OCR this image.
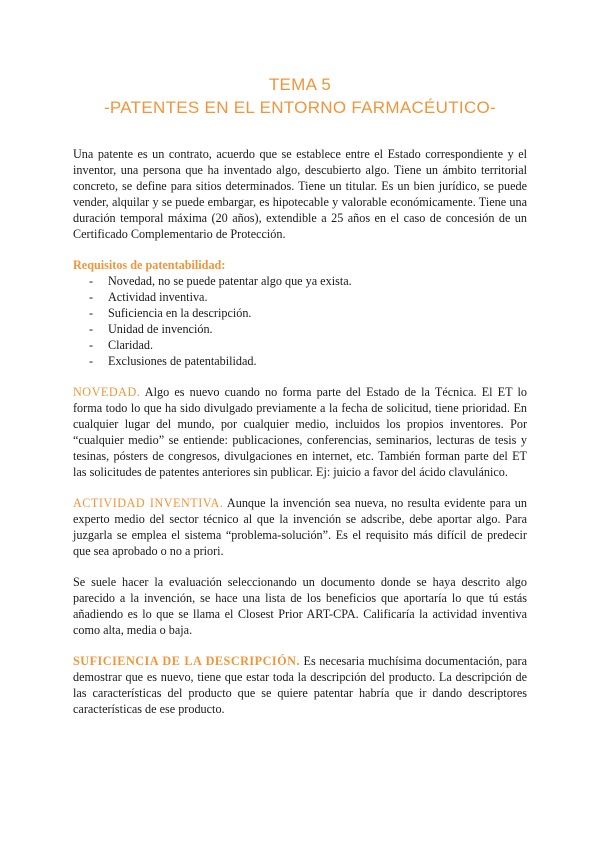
TEMA 5
-PATENTES EN EL ENTORNO FARMACÉUTICO-

Una patente es un contrato, acuerdo que se establece entre el Estado correspondiente y el inventor, una persona que ha inventado algo, descubierto algo. Tiene un ámbito territorial concreto, se define para sitios determinados. Tiene un titular. Es un bien jurídico, se puede vender, alquilar y se puede embargar, es hipotecable y valorable económicamente. Tiene una duración temporal máxima (20 años), extendible a 25 años en el caso de concesión de un Certificado Complementario de Protección.

Requisitos de patentabilidad:
- Novedad, no se puede patentar algo que ya exista.
- Actividad inventiva.
- Suficiencia en la descripción.
- Unidad de invención.
- Claridad.
- Exclusiones de patentabilidad.

NOVEDAD. Algo es nuevo cuando no forma parte del Estado de la Técnica. El ET lo forma todo lo que ha sido divulgado previamente a la fecha de solicitud, tiene prioridad. En cualquier lugar del mundo, por cualquier medio, incluidos los propios inventores. Por “cualquier medio” se entiende: publicaciones, conferencias, seminarios, lecturas de tesis y tesinas, pósters de congresos, divulgaciones en internet, etc. También forman parte del ET las solicitudes de patentes anteriores sin publicar. Ej: juicio a favor del ácido clavulánico.

ACTIVIDAD INVENTIVA. Aunque la invención sea nueva, no resulta evidente para un experto medio del sector técnico al que la invención se adscribe, debe aportar algo. Para juzgarla se emplea el sistema “problema-solución”. Es el requisito más difícil de predecir que sea aprobado o no a priori.

Se suele hacer la evaluación seleccionando un documento donde se haya descrito algo parecido a la invención, se hace una lista de los beneficios que aportaría lo que tú estás añadiendo es lo que se llama el Closest Prior ART-CPA. Calificaría la actividad inventiva como alta, media o baja.

SUFICIENCIA DE LA DESCRIPCIÓN. Es necesaria muchísima documentación, para demostrar que es nuevo, tiene que estar toda la descripción del producto. La descripción de las características del producto que se quiere patentar habría que ir dando descriptores características de ese producto.
